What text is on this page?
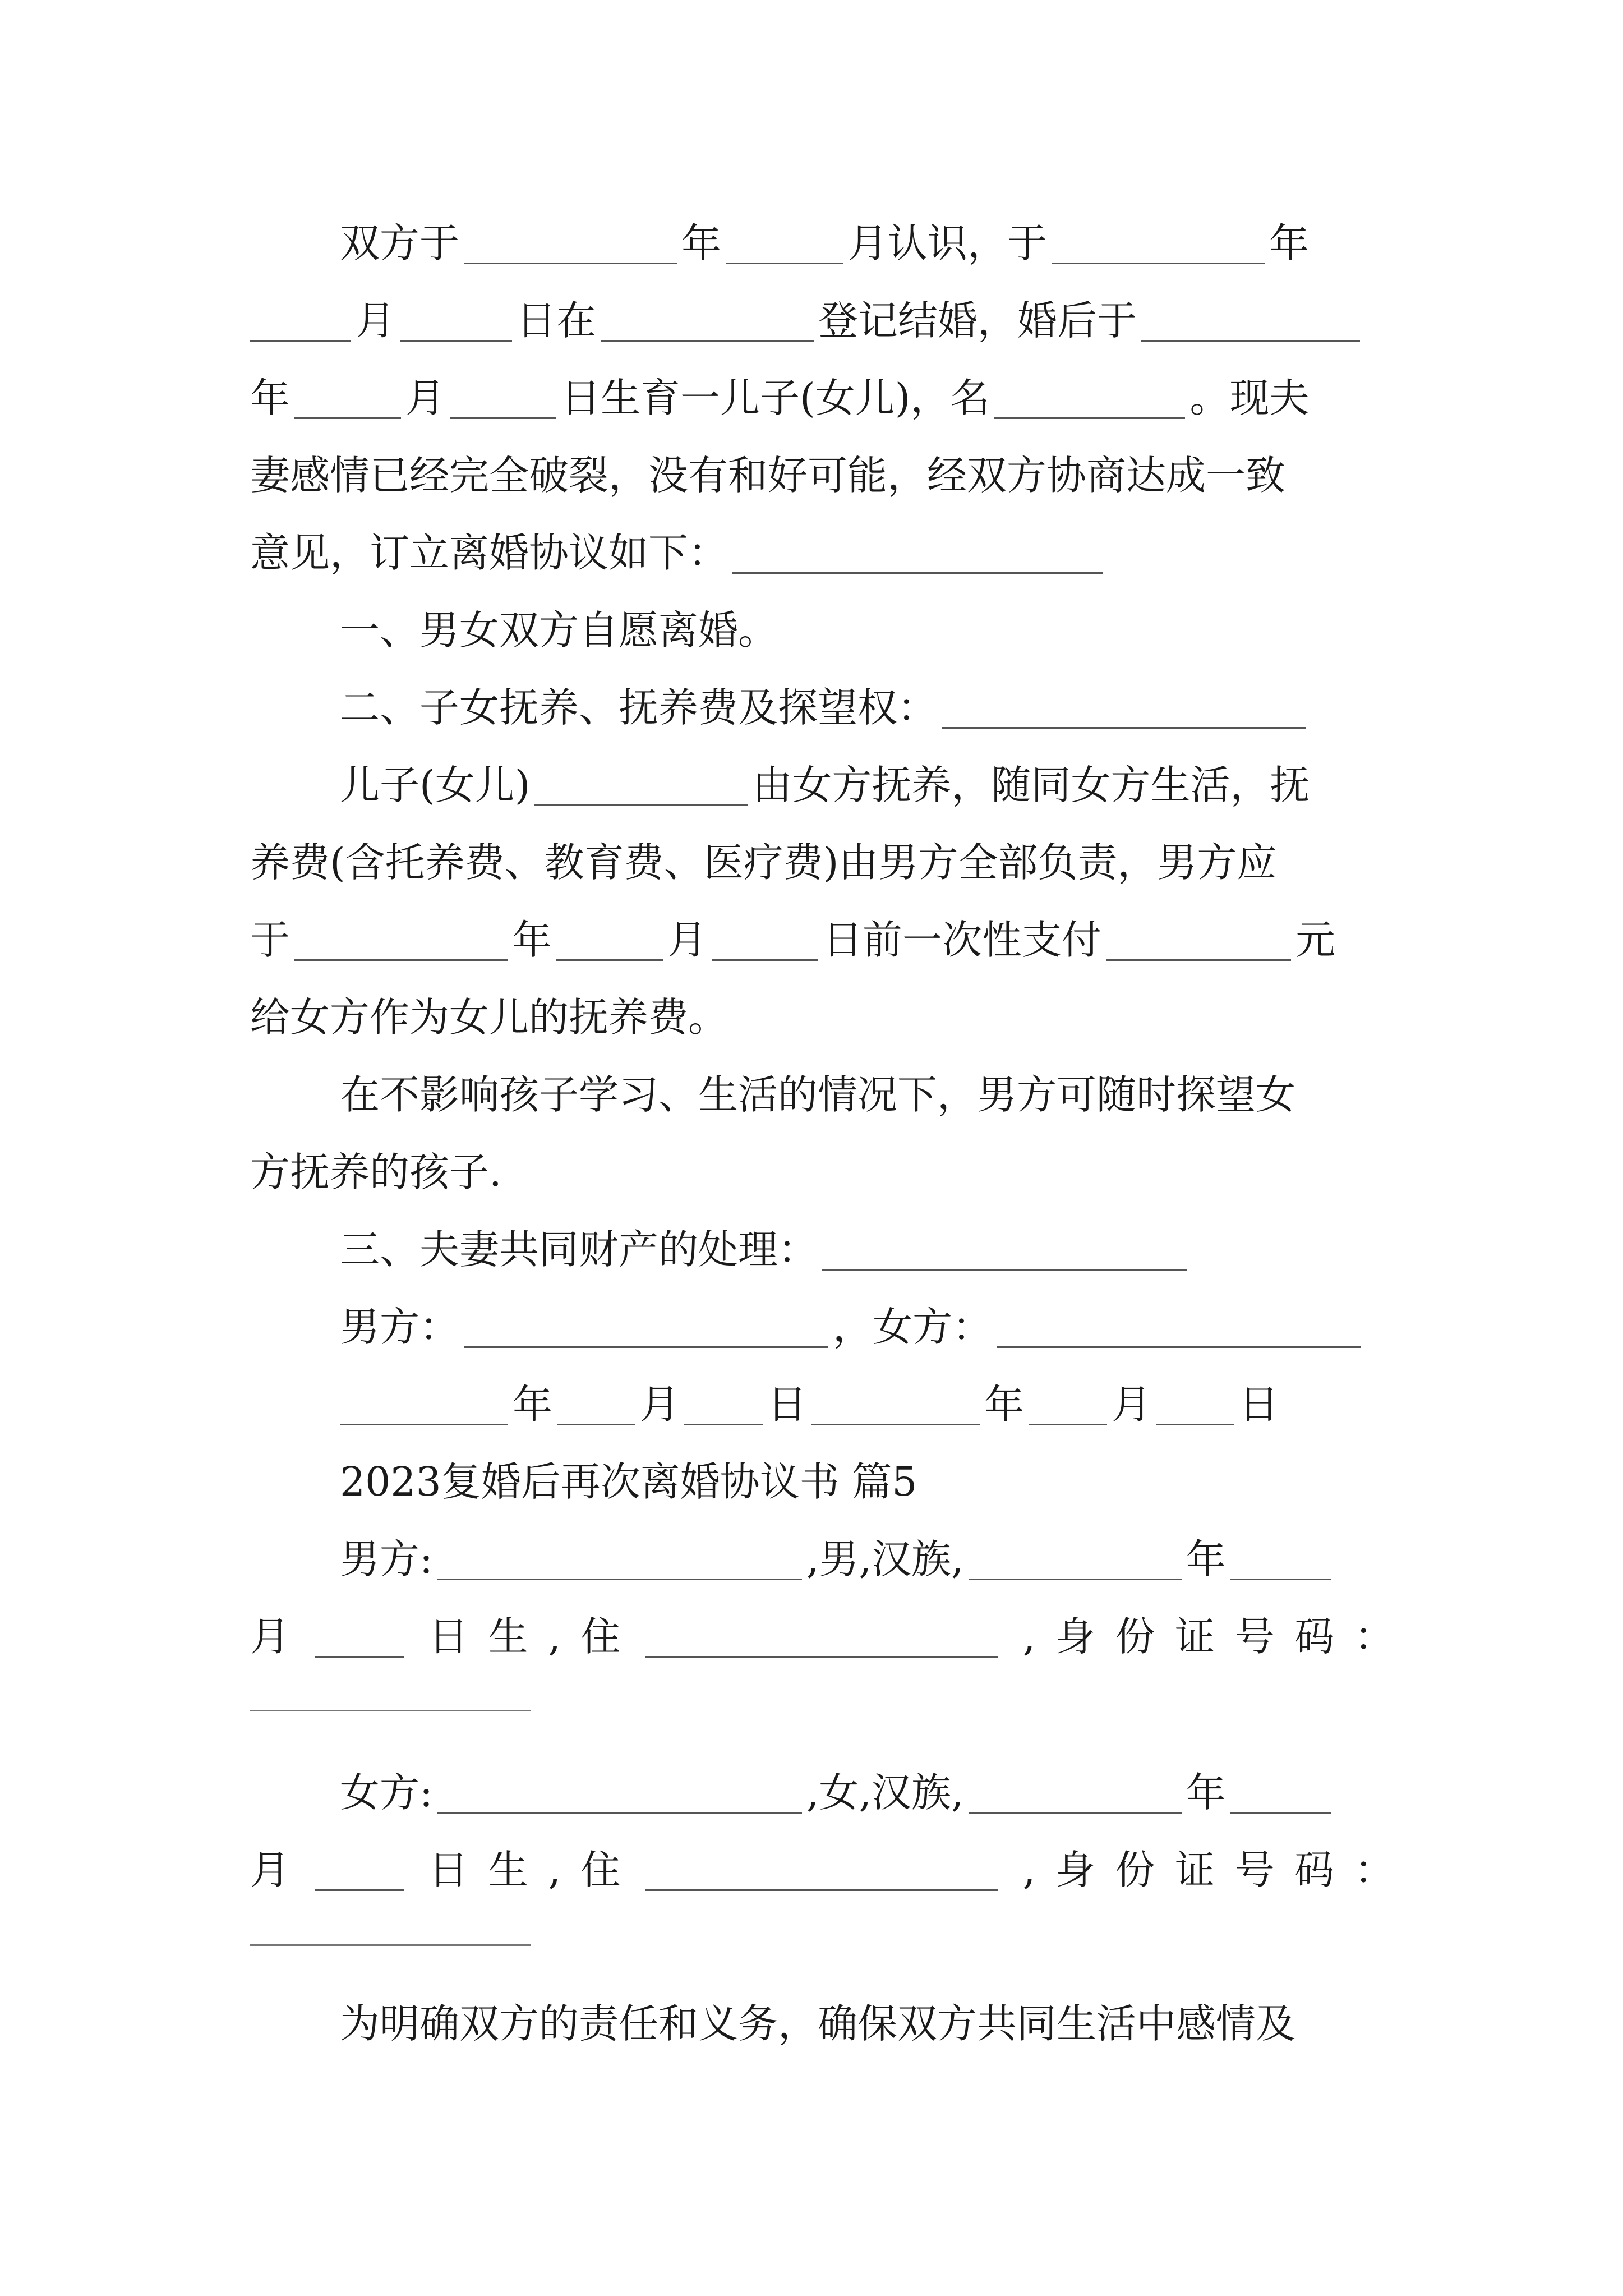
双方于	年	月认识，于	年
月	日在	登记结婚，婚后于
年	月	日生育一儿子(女儿)，名	。现夫
妻感情已经完全破裂，没有和好可能，经双方协商达成一致
意见，订立离婚协议如下：
一、男女双方自愿离婚。
二、子女抚养、抚养费及探望权：
儿子(女儿)	由女方抚养，随同女方生活，抚
养费(含托养费、教育费、医疗费)由男方全部负责，男方应
于	年	月	日前一次性支付	元
给女方作为女儿的抚养费。
在不影响孩子学习、生活的情况下，男方可随时探望女
方抚养的孩子.
三、夫妻共同财产的处理：
男方：	，女方：
年 月 日	年 月 日
2023复婚后再次离婚协议书 篇5
男方:	,男,汉族,	年
月	日 生 , 住	, 身 份 证 号 码 ：
女方:	,女,汉族,	年
月	日 生 , 住	, 身 份 证 号 码 ：
为明确双方的责任和义务，确保双方共同生活中感情及
